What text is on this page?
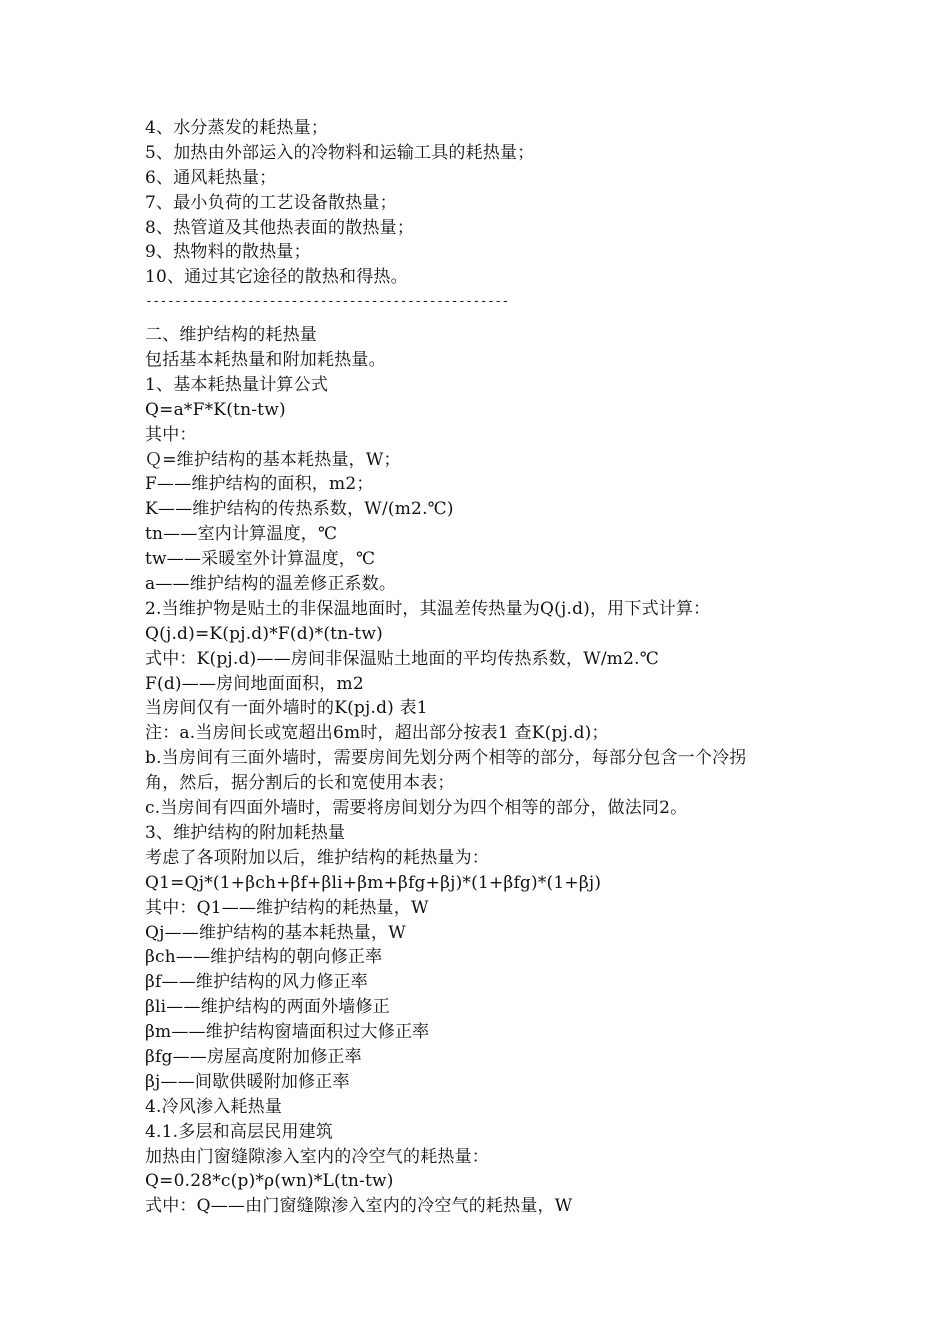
4、水分蒸发的耗热量；
5、加热由外部运入的冷物料和运输工具的耗热量；
6、通风耗热量；
7、最小负荷的工艺设备散热量；
8、热管道及其他热表面的散热量；
9、热物料的散热量；
10、通过其它途径的散热和得热。
--------------------------------------------------
二、维护结构的耗热量
包括基本耗热量和附加耗热量。
1、基本耗热量计算公式
Q=a*F*K(tn-tw)
其中：
Ｑ=维护结构的基本耗热量，W；
F——维护结构的面积，m2；
K——维护结构的传热系数，W/(m2.℃)
tn——室内计算温度，℃
tw——采暖室外计算温度，℃
a——维护结构的温差修正系数。
2.当维护物是贴土的非保温地面时，其温差传热量为Q(j.d)，用下式计算：
Q(j.d)=K(pj.d)*F(d)*(tn-tw)
式中：K(pj.d)——房间非保温贴土地面的平均传热系数，W/m2.℃
F(d)——房间地面面积，m2
当房间仅有一面外墙时的K(pj.d) 表1
注：a.当房间长或宽超出6m时，超出部分按表1 查K(pj.d)；
b.当房间有三面外墙时，需要房间先划分两个相等的部分，每部分包含一个冷拐
角，然后，据分割后的长和宽使用本表；
c.当房间有四面外墙时，需要将房间划分为四个相等的部分，做法同2。
3、维护结构的附加耗热量
考虑了各项附加以后，维护结构的耗热量为：
Q1=Qj*(1+βch+βf+βli+βm+βfg+βj)*(1+βfg)*(1+βj)
其中：Q1——维护结构的耗热量，W
Qj——维护结构的基本耗热量，W
βch——维护结构的朝向修正率
βf——维护结构的风力修正率
βli——维护结构的两面外墙修正
βm——维护结构窗墙面积过大修正率
βfg——房屋高度附加修正率
βj——间歇供暖附加修正率
4.冷风渗入耗热量
4.1.多层和高层民用建筑
加热由门窗缝隙渗入室内的冷空气的耗热量：
Q=0.28*c(p)*ρ(wn)*L(tn-tw)
式中：Q——由门窗缝隙渗入室内的冷空气的耗热量，W
